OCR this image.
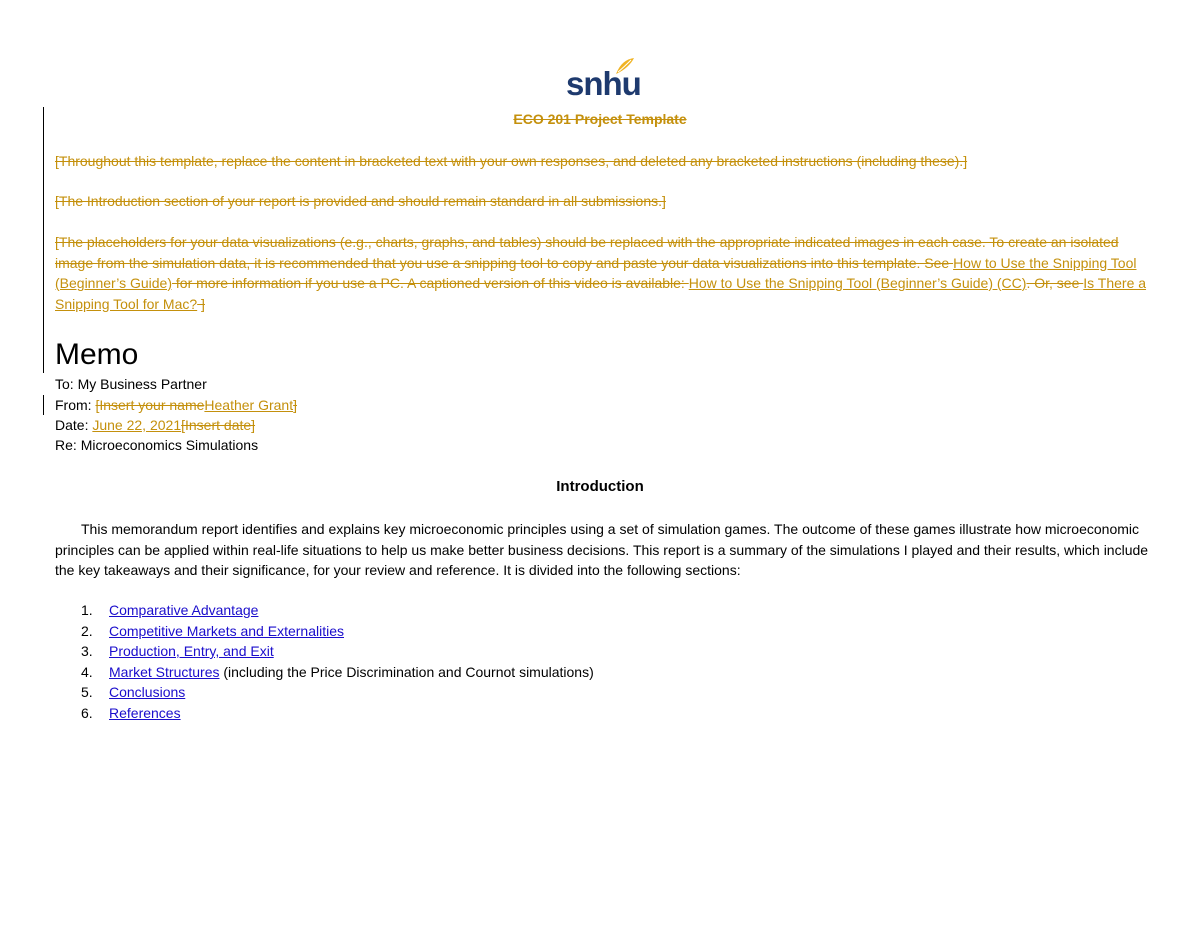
snhu
ECO 201 Project Template
[Throughout this template, replace the content in bracketed text with your own responses, and deleted any bracketed instructions (including these).]
[The Introduction section of your report is provided and should remain standard in all submissions.]
[The placeholders for your data visualizations (e.g., charts, graphs, and tables) should be replaced with the appropriate indicated images in each case. To create an isolated image from the simulation data, it is recommended that you use a snipping tool to copy and paste your data visualizations into this template. See How to Use the Snipping Tool (Beginner’s Guide) for more information if you use a PC. A captioned version of this video is available: How to Use the Snipping Tool (Beginner’s Guide) (CC). Or, see Is There a Snipping Tool for Mac? ]
Memo
To: My Business Partner
From: [Insert your nameHeather Grant]
Date: June 22, 2021[Insert date]
Re: Microeconomics Simulations
Introduction
This memorandum report identifies and explains key microeconomic principles using a set of simulation games. The outcome of these games illustrate how microeconomic principles can be applied within real-life situations to help us make better business decisions. This report is a summary of the simulations I played and their results, which include the key takeaways and their significance, for your review and reference. It is divided into the following sections:
1.	Comparative Advantage
2.	Competitive Markets and Externalities
3.	Production, Entry, and Exit
4.	Market Structures (including the Price Discrimination and Cournot simulations)
5.	Conclusions
6.	References
